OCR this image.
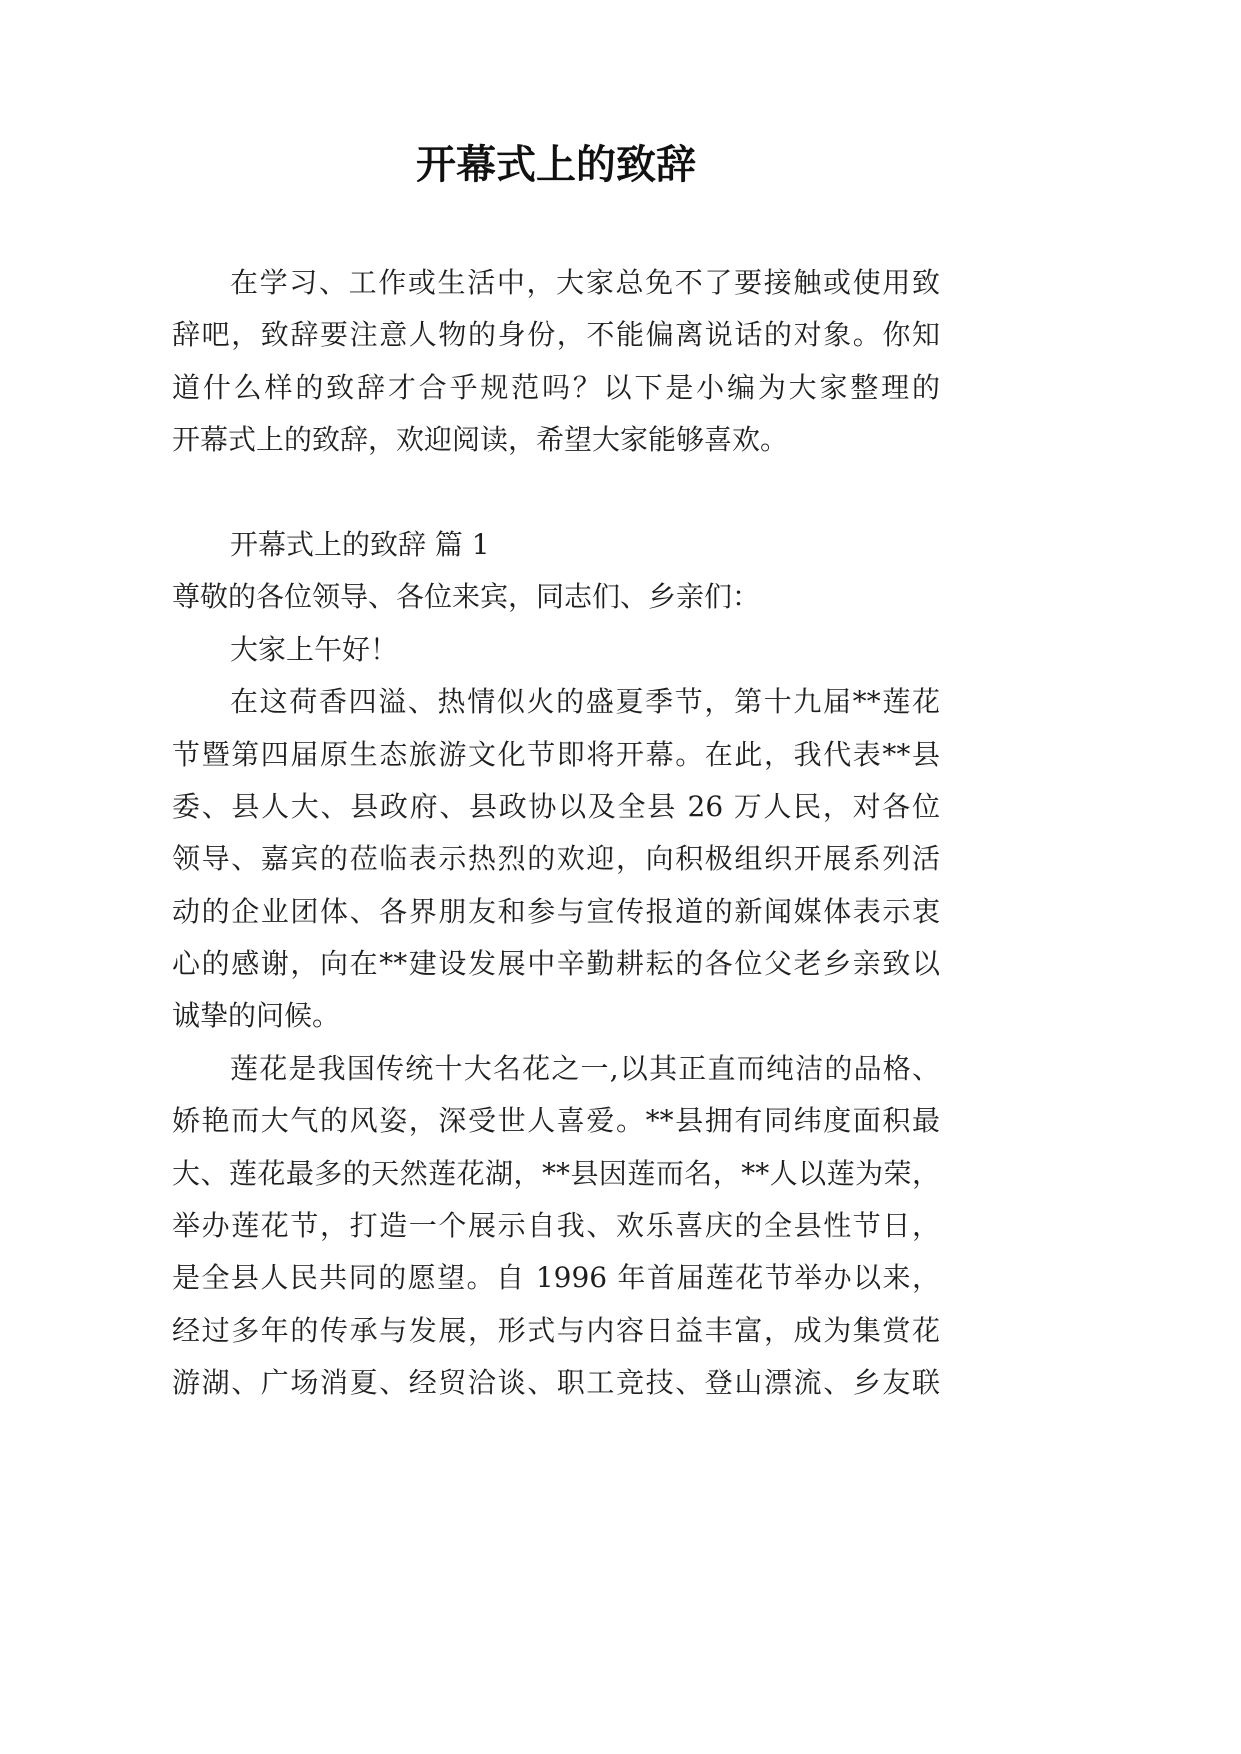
开幕式上的致辞
在学习、工作或生活中，大家总免不了要接触或使用致
辞吧，致辞要注意人物的身份，不能偏离说话的对象。你知
道什么样的致辞才合乎规范吗？以下是小编为大家整理的
开幕式上的致辞，欢迎阅读，希望大家能够喜欢。
开幕式上的致辞 篇 1
尊敬的各位领导、各位来宾，同志们、乡亲们：
大家上午好！
在这荷香四溢、热情似火的盛夏季节，第十九届**莲花
节暨第四届原生态旅游文化节即将开幕。在此，我代表**县
委、县人大、县政府、县政协以及全县 26 万人民，对各位
领导、嘉宾的莅临表示热烈的欢迎，向积极组织开展系列活
动的企业团体、各界朋友和参与宣传报道的新闻媒体表示衷
心的感谢，向在**建设发展中辛勤耕耘的各位父老乡亲致以
诚挚的问候。
莲花是我国传统十大名花之一,以其正直而纯洁的品格、
娇艳而大气的风姿，深受世人喜爱。**县拥有同纬度面积最
大、莲花最多的天然莲花湖，**县因莲而名，**人以莲为荣，
举办莲花节，打造一个展示自我、欢乐喜庆的全县性节日，
是全县人民共同的愿望。自 1996 年首届莲花节举办以来，
经过多年的传承与发展，形式与内容日益丰富，成为集赏花
游湖、广场消夏、经贸洽谈、职工竞技、登山漂流、乡友联
